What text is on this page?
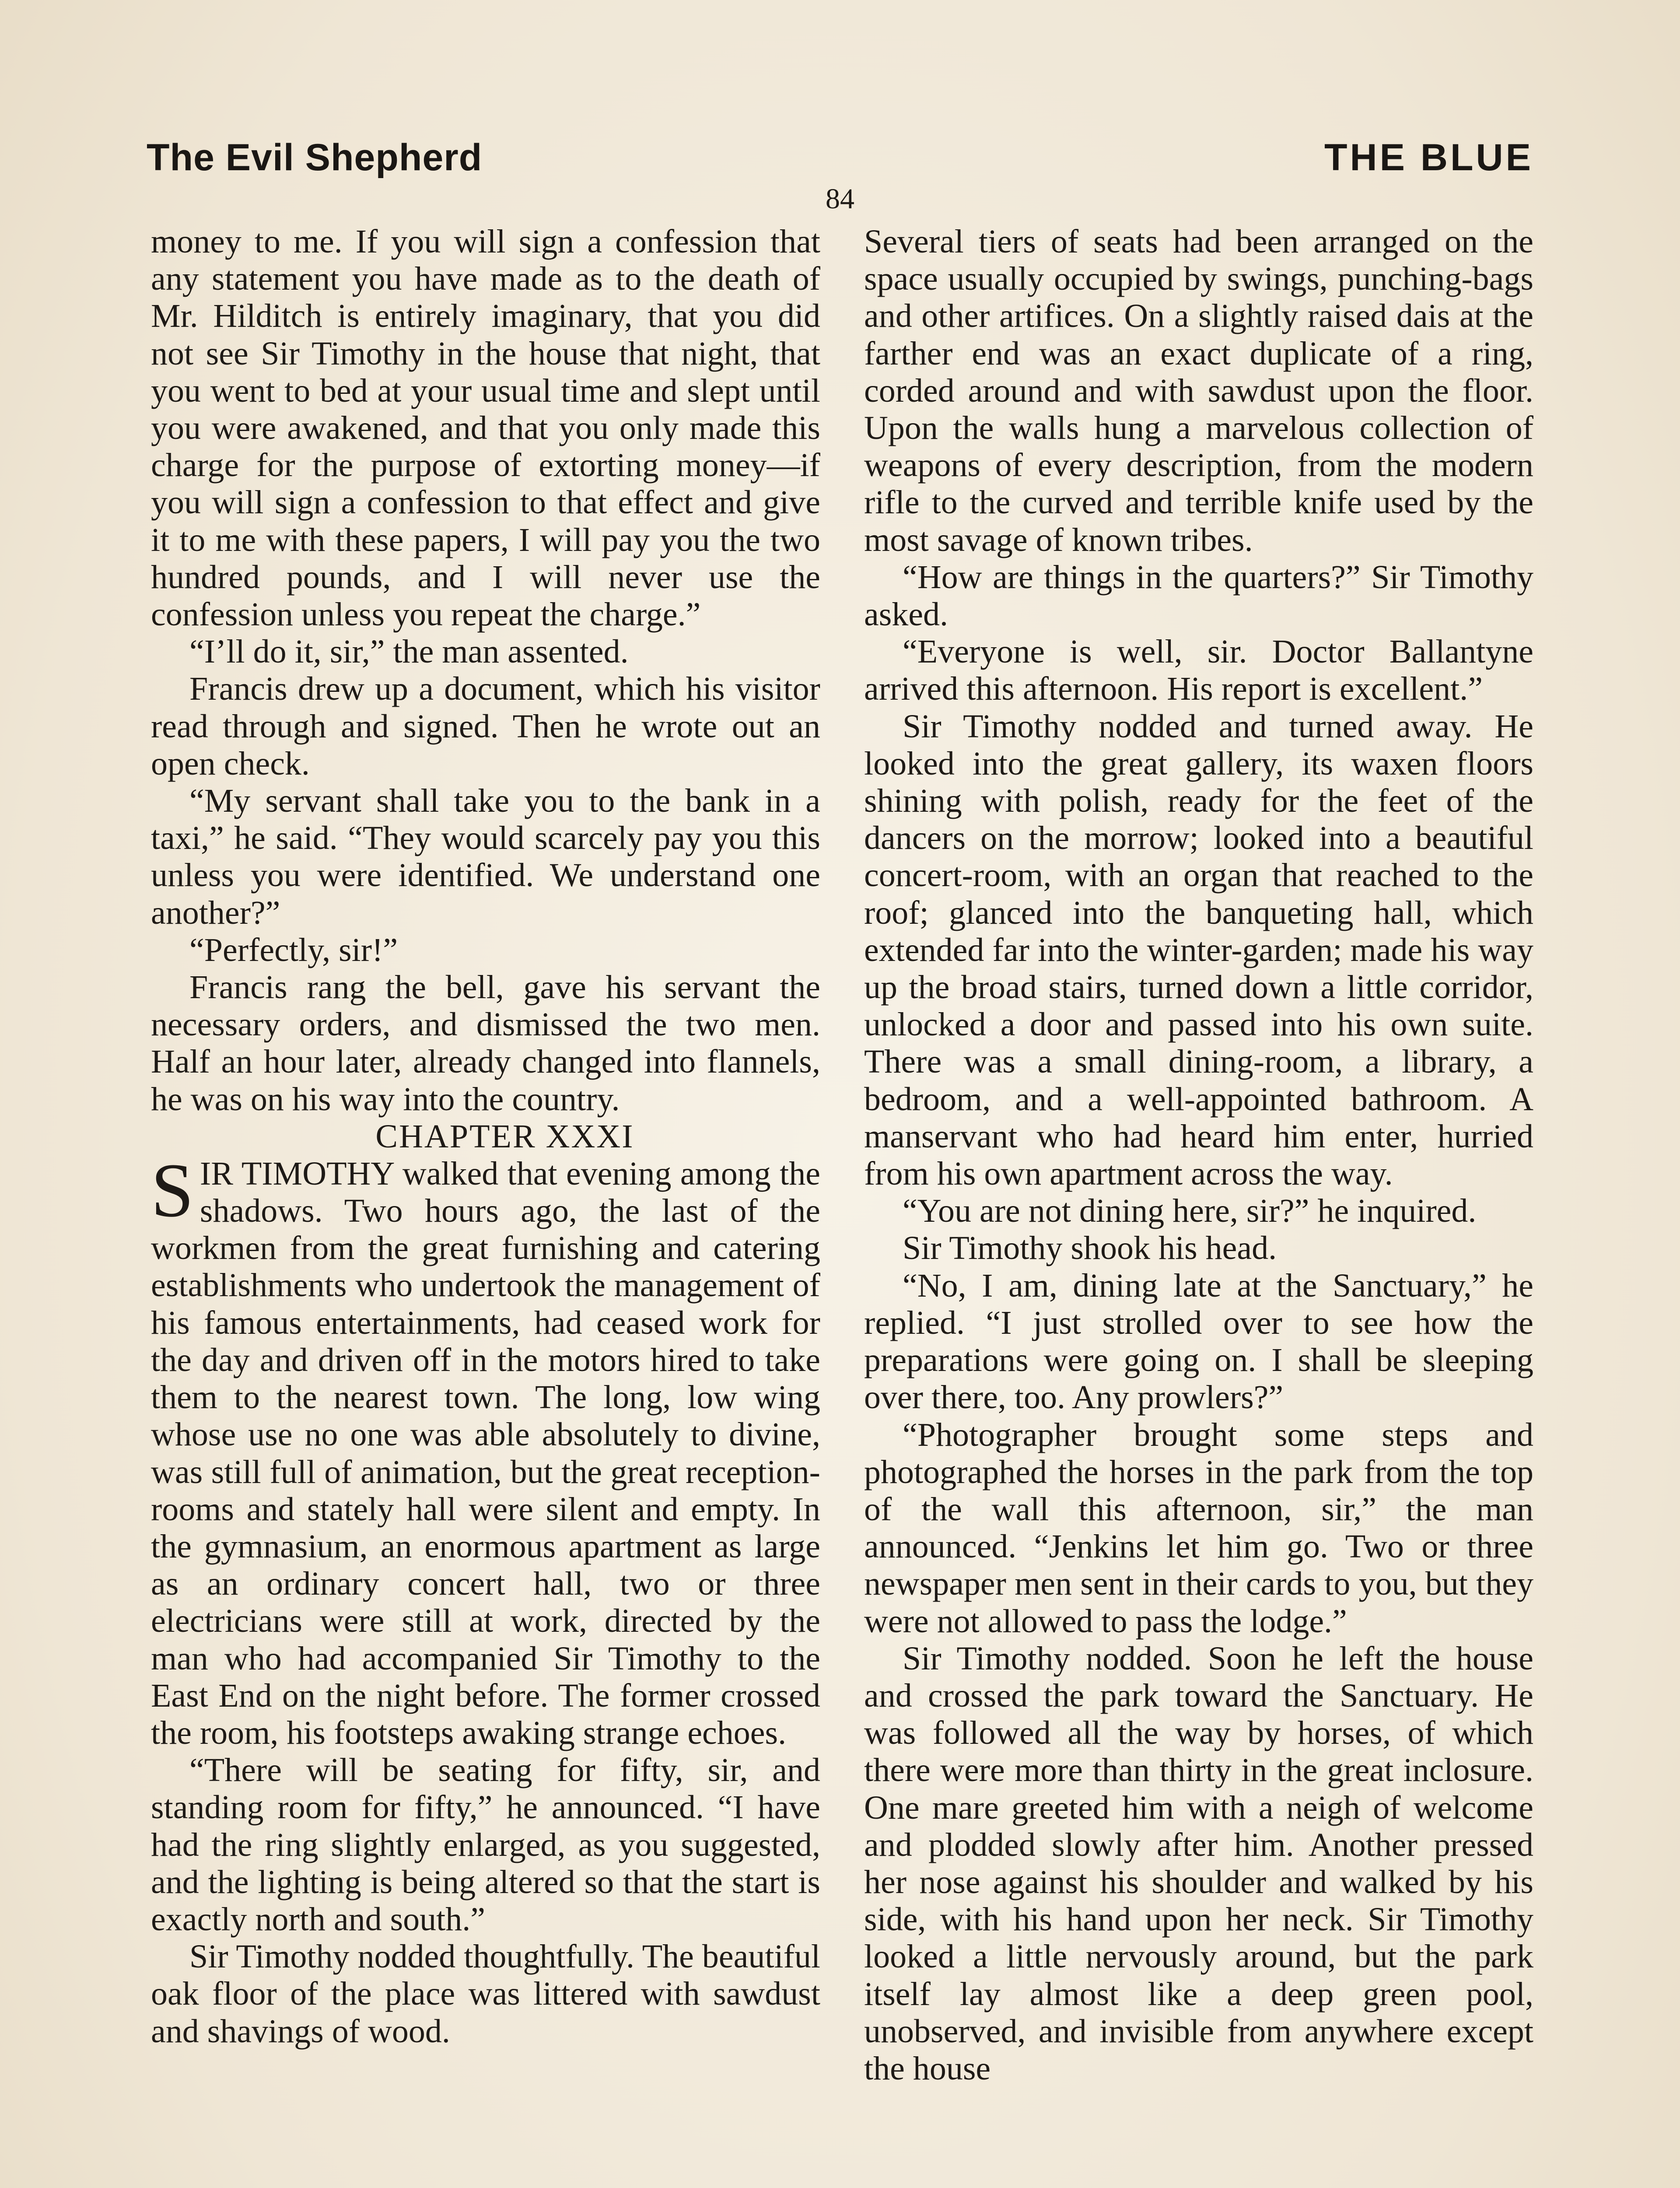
The Evil Shepherd	THE BLUE
84

money to me. If you will sign a confession that any statement you have made as to the death of Mr. Hilditch is entirely imaginary, that you did not see Sir Timothy in the house that night, that you went to bed at your usual time and slept until you were awakened, and that you only made this charge for the purpose of extorting money—if you will sign a confession to that effect and give it to me with these papers, I will pay you the two hundred pounds, and I will never use the confession unless you repeat the charge.”

“I’ll do it, sir,” the man assented.

Francis drew up a document, which his visitor read through and signed. Then he wrote out an open check.

“My servant shall take you to the bank in a taxi,” he said. “They would scarcely pay you this unless you were identified. We understand one another?”

“Perfectly, sir!”

Francis rang the bell, gave his servant the necessary orders, and dismissed the two men. Half an hour later, already changed into flannels, he was on his way into the country.

CHAPTER XXXI

SIR TIMOTHY walked that evening among the shadows. Two hours ago, the last of the workmen from the great furnishing and catering establishments who undertook the management of his famous entertainments, had ceased work for the day and driven off in the motors hired to take them to the nearest town. The long, low wing whose use no one was able absolutely to divine, was still full of animation, but the great reception-rooms and stately hall were silent and empty. In the gymnasium, an enormous apartment as large as an ordinary concert hall, two or three electricians were still at work, directed by the man who had accompanied Sir Timothy to the East End on the night before. The former crossed the room, his footsteps awaking strange echoes.

“There will be seating for fifty, sir, and standing room for fifty,” he announced. “I have had the ring slightly enlarged, as you suggested, and the lighting is being altered so that the start is exactly north and south.”

Sir Timothy nodded thoughtfully. The beautiful oak floor of the place was littered with sawdust and shavings of wood.

Several tiers of seats had been arranged on the space usually occupied by swings, punching-bags and other artifices. On a slightly raised dais at the farther end was an exact duplicate of a ring, corded around and with sawdust upon the floor. Upon the walls hung a marvelous collection of weapons of every description, from the modern rifle to the curved and terrible knife used by the most savage of known tribes.

“How are things in the quarters?” Sir Timothy asked.

“Everyone is well, sir. Doctor Ballantyne arrived this afternoon. His report is excellent.”

Sir Timothy nodded and turned away. He looked into the great gallery, its waxen floors shining with polish, ready for the feet of the dancers on the morrow; looked into a beautiful concert-room, with an organ that reached to the roof; glanced into the banqueting hall, which extended far into the winter-garden; made his way up the broad stairs, turned down a little corridor, unlocked a door and passed into his own suite. There was a small dining-room, a library, a bedroom, and a well-appointed bathroom. A manservant who had heard him enter, hurried from his own apartment across the way.

“You are not dining here, sir?” he inquired.

Sir Timothy shook his head.

“No, I am, dining late at the Sanctuary,” he replied. “I just strolled over to see how the preparations were going on. I shall be sleeping over there, too. Any prowlers?”

“Photographer brought some steps and photographed the horses in the park from the top of the wall this afternoon, sir,” the man announced. “Jenkins let him go. Two or three newspaper men sent in their cards to you, but they were not allowed to pass the lodge.”

Sir Timothy nodded. Soon he left the house and crossed the park toward the Sanctuary. He was followed all the way by horses, of which there were more than thirty in the great inclosure. One mare greeted him with a neigh of welcome and plodded slowly after him. Another pressed her nose against his shoulder and walked by his side, with his hand upon her neck. Sir Timothy looked a little nervously around, but the park itself lay almost like a deep green pool, unobserved, and invisible from anywhere except the house
